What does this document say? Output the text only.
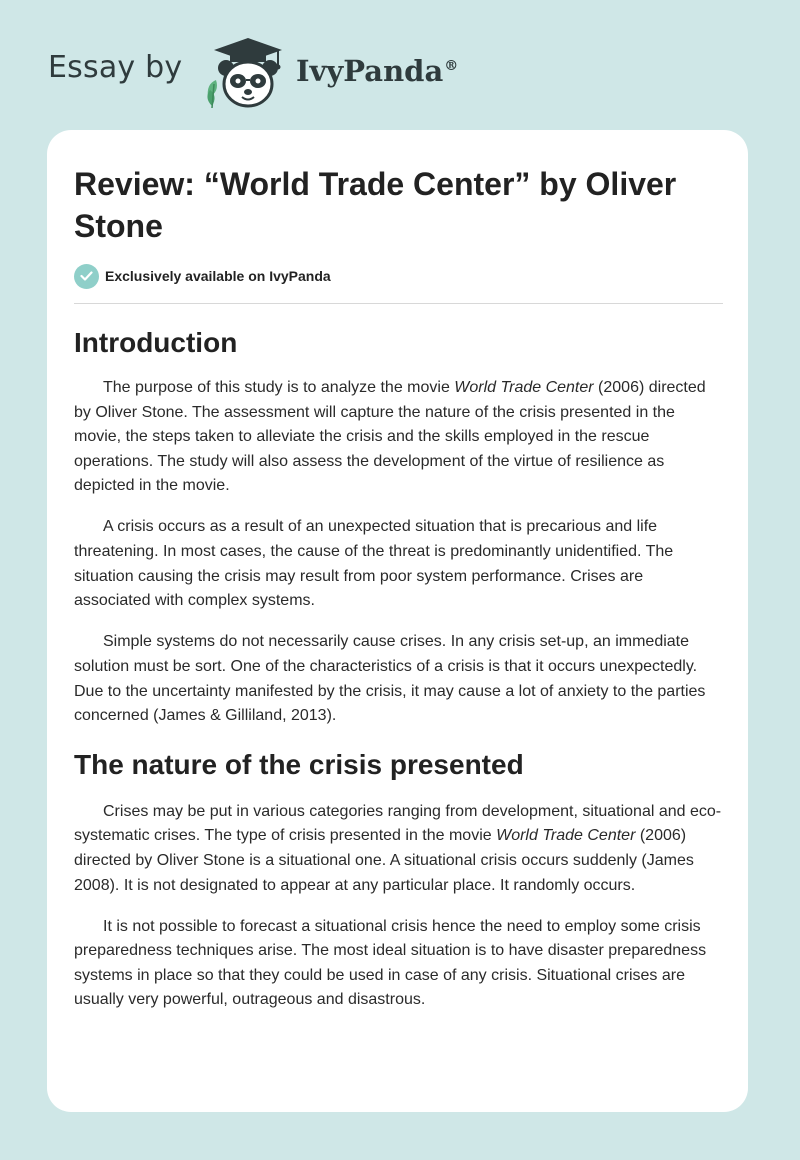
Essay by	IvyPanda®
Review: “World Trade Center” by Oliver Stone
Exclusively available on IvyPanda
Introduction

The purpose of this study is to analyze the movie World Trade Center (2006) directed by Oliver Stone. The assessment will capture the nature of the crisis presented in the movie, the steps taken to alleviate the crisis and the skills employed in the rescue operations. The study will also assess the development of the virtue of resilience as depicted in the movie.

A crisis occurs as a result of an unexpected situation that is precarious and life threatening. In most cases, the cause of the threat is predominantly unidentified. The situation causing the crisis may result from poor system performance. Crises are associated with complex systems.

Simple systems do not necessarily cause crises. In any crisis set-up, an immediate solution must be sort. One of the characteristics of a crisis is that it occurs unexpectedly. Due to the uncertainty manifested by the crisis, it may cause a lot of anxiety to the parties concerned (James & Gilliland, 2013).

The nature of the crisis presented

Crises may be put in various categories ranging from development, situational and eco-systematic crises. The type of crisis presented in the movie World Trade Center (2006) directed by Oliver Stone is a situational one. A situational crisis occurs suddenly (James 2008). It is not designated to appear at any particular place. It randomly occurs.

It is not possible to forecast a situational crisis hence the need to employ some crisis preparedness techniques arise. The most ideal situation is to have disaster preparedness systems in place so that they could be used in case of any crisis. Situational crises are usually very powerful, outrageous and disastrous.
